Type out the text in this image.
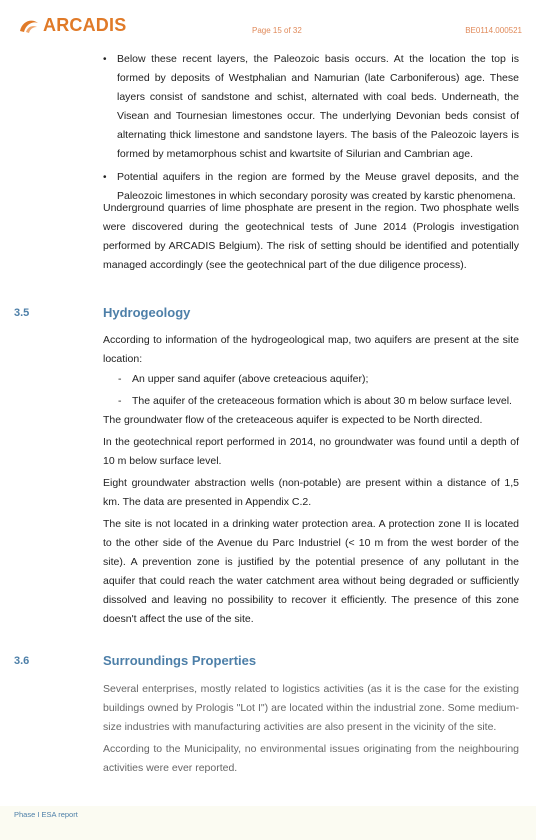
ARCADIS	Page 15 of 32	BE0114.000521
• Below these recent layers, the Paleozoic basis occurs. At the location the top is formed by deposits of Westphalian and Namurian (late Carboniferous) age. These layers consist of sandstone and schist, alternated with coal beds. Underneath, the Visean and Tournesian limestones occur. The underlying Devonian beds consist of alternating thick limestone and sandstone layers. The basis of the Paleozoic layers is formed by metamorphous schist and kwartsite of Silurian and Cambrian age.
• Potential aquifers in the region are formed by the Meuse gravel deposits, and the Paleozoic limestones in which secondary porosity was created by karstic phenomena.

Underground quarries of lime phosphate are present in the region. Two phosphate wells were discovered during the geotechnical tests of June 2014 (Prologis investigation performed by ARCADIS Belgium). The risk of setting should be identified and potentially managed accordingly (see the geotechnical part of the due diligence process).

3.5	Hydrogeology

According to information of the hydrogeological map, two aquifers are present at the site location:

- An upper sand aquifer (above creteacious aquifer);
- The aquifer of the creteaceous formation which is about 30 m below surface level.

The groundwater flow of the creteaceous aquifer is expected to be North directed.

In the geotechnical report performed in 2014, no groundwater was found until a depth of 10 m below surface level.

Eight groundwater abstraction wells (non-potable) are present within a distance of 1,5 km. The data are presented in Appendix C.2.

The site is not located in a drinking water protection area. A protection zone II is located to the other side of the Avenue du Parc Industriel (< 10 m from the west border of the site). A prevention zone is justified by the potential presence of any pollutant in the aquifer that could reach the water catchment area without being degraded or sufficiently dissolved and leaving no possibility to recover it efficiently. The presence of this zone doesn't affect the use of the site.

3.6	Surroundings Properties

Several enterprises, mostly related to logistics activities (as it is the case for the existing buildings owned by Prologis "Lot I") are located within the industrial zone. Some medium-size industries with manufacturing activities are also present in the vicinity of the site.

According to the Municipality, no environmental issues originating from the neighbouring activities were ever reported.

Phase I ESA report
